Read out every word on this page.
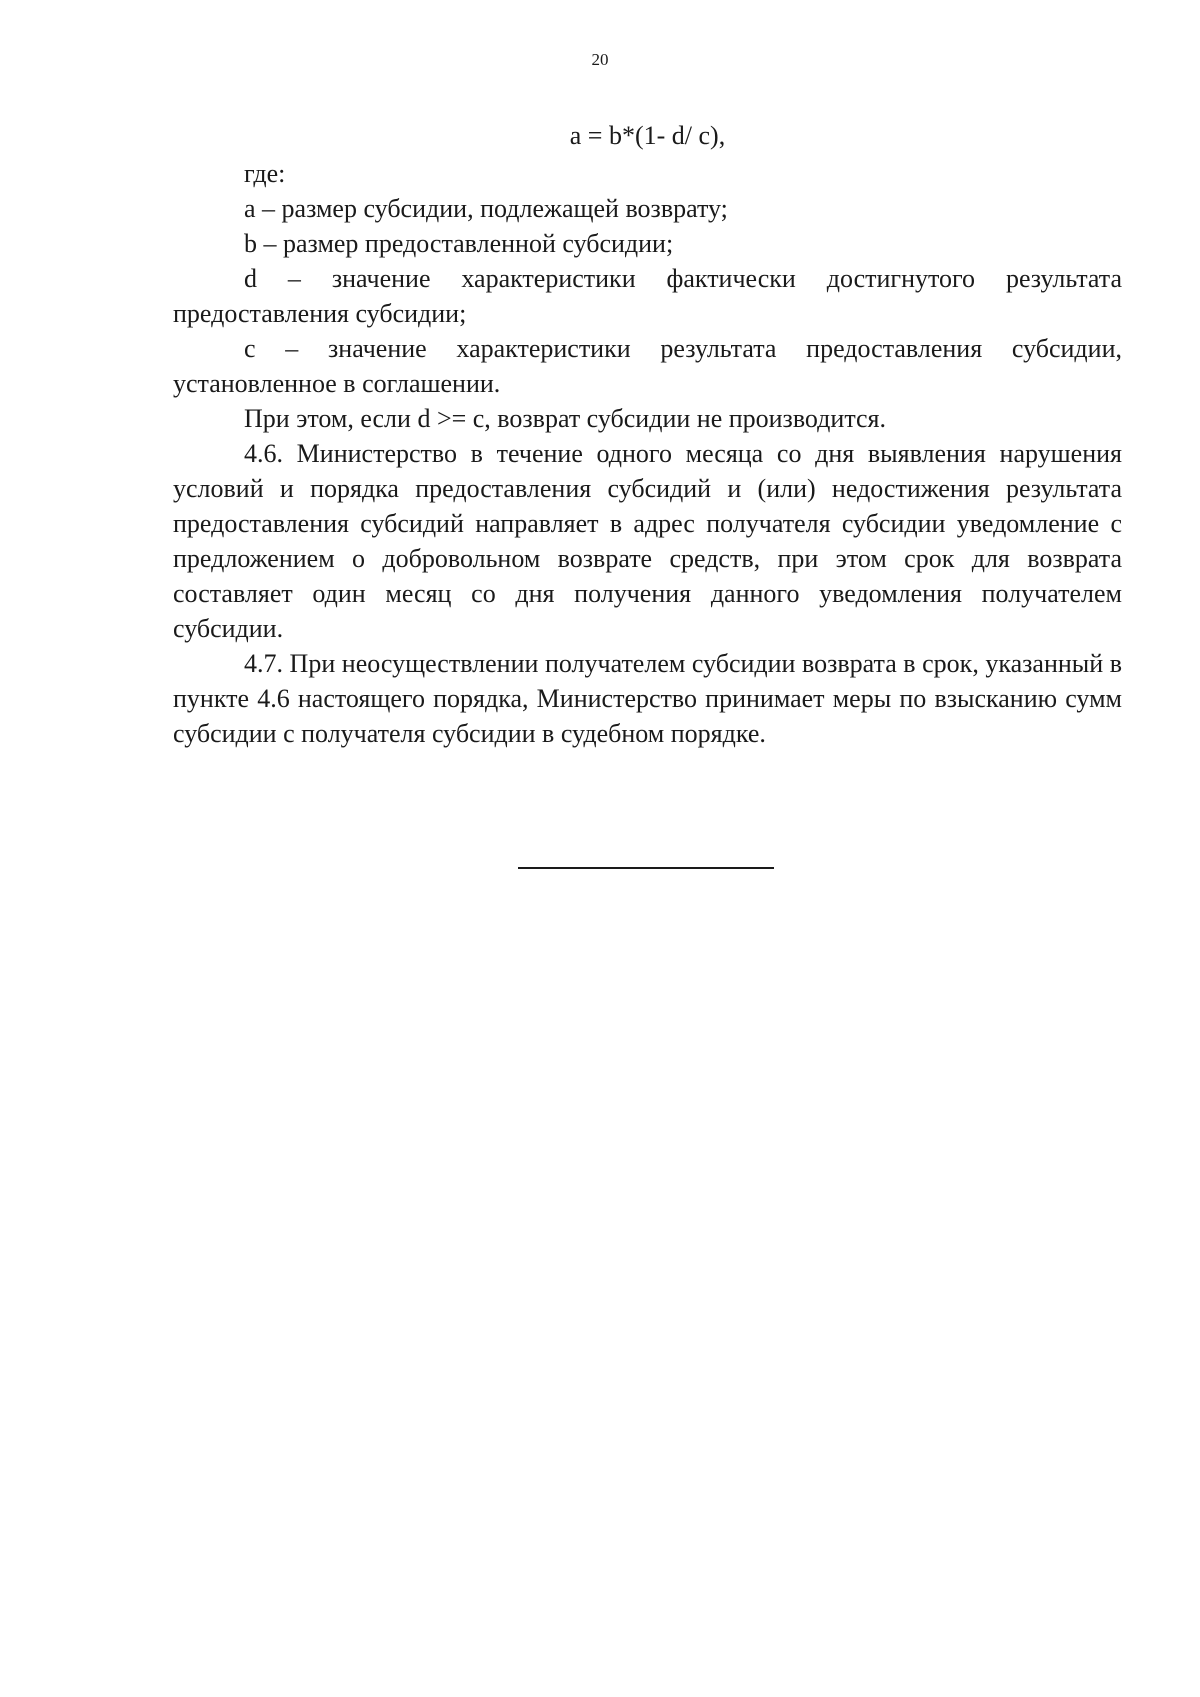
20

a = b*(1- d/ c),

где:

a – размер субсидии, подлежащей возврату;

b – размер предоставленной субсидии;

d – значение характеристики фактически достигнутого результата предоставления субсидии;

c – значение характеристики результата предоставления субсидии, установленное в соглашении.

При этом, если d >= c, возврат субсидии не производится.

4.6. Министерство в течение одного месяца со дня выявления нарушения условий и порядка предоставления субсидий и (или) недостижения результата предоставления субсидий направляет в адрес получателя субсидии уведомление с предложением о добровольном возврате средств, при этом срок для возврата составляет один месяц со дня получения данного уведомления получателем субсидии.

4.7. При неосуществлении получателем субсидии возврата в срок, указанный в пункте 4.6 настоящего порядка, Министерство принимает меры по взысканию сумм субсидии с получателя субсидии в судебном порядке.
